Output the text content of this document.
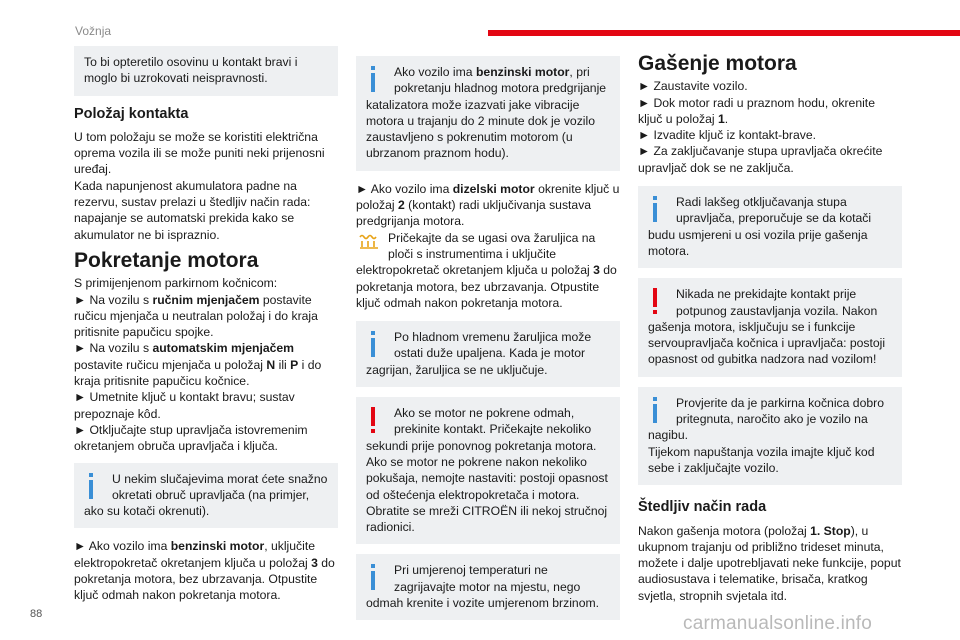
Vožnja

To bi opteretilo osovinu u kontakt bravi i moglo bi uzrokovati neispravnosti.

Položaj kontakta

U tom položaju se može se koristiti električna oprema vozila ili se može puniti neki prijenosni uređaj.
Kada napunjenost akumulatora padne na rezervu, sustav prelazi u štedljiv način rada: napajanje se automatski prekida kako se akumulator ne bi ispraznio.

Pokretanje motora

S primijenjenom parkirnom kočnicom:

► Na vozilu s ručnim mjenjačem postavite ručicu mjenjača u neutralan položaj i do kraja pritisnite papučicu spojke.

► Na vozilu s automatskim mjenjačem postavite ručicu mjenjača u položaj N ili P i do kraja pritisnite papučicu kočnice.

► Umetnite ključ u kontakt bravu; sustav prepoznaje kôd.

► Otključajte stup upravljača istovremenim okretanjem obruča upravljača i ključa.

U nekim slučajevima morat ćete snažno okretati obruč upravljača (na primjer, ako su kotači okrenuti).

► Ako vozilo ima benzinski motor, uključite elektropokretač okretanjem ključa u položaj 3 do pokretanja motora, bez ubrzavanja. Otpustite ključ odmah nakon pokretanja motora.

Ako vozilo ima benzinski motor, pri pokretanju hladnog motora predgrijanje katalizatora može izazvati jake vibracije motora u trajanju do 2 minute dok je vozilo zaustavljeno s pokrenutim motorom (u ubrzanom praznom hodu).

► Ako vozilo ima dizelski motor okrenite ključ u položaj 2 (kontakt) radi uključivanja sustava predgrijanja motora.

Pričekajte da se ugasi ova žaruljica na ploči s instrumentima i uključite elektropokretač okretanjem ključa u položaj 3 do pokretanja motora, bez ubrzavanja. Otpustite ključ odmah nakon pokretanja motora.

Po hladnom vremenu žaruljica može ostati duže upaljena. Kada je motor zagrijan, žaruljica se ne uključuje.

Ako se motor ne pokrene odmah, prekinite kontakt. Pričekajte nekoliko sekundi prije ponovnog pokretanja motora. Ako se motor ne pokrene nakon nekoliko pokušaja, nemojte nastaviti: postoji opasnost od oštećenja elektropokretača i motora. Obratite se mreži CITROËN ili nekoj stručnoj radionici.

Pri umjerenoj temperaturi ne zagrijavajte motor na mjestu, nego odmah krenite i vozite umjerenom brzinom.

Gašenje motora

► Zaustavite vozilo.

► Dok motor radi u praznom hodu, okrenite ključ u položaj 1.

► Izvadite ključ iz kontakt-brave.

► Za zaključavanje stupa upravljača okrećite upravljač dok se ne zaključa.

Radi lakšeg otključavanja stupa upravljača, preporučuje se da kotači budu usmjereni u osi vozila prije gašenja motora.

Nikada ne prekidajte kontakt prije potpunog zaustavljanja vozila. Nakon gašenja motora, isključuju se i funkcije servoupravljača kočnica i upravljača: postoji opasnost od gubitka nadzora nad vozilom!

Provjerite da je parkirna kočnica dobro pritegnuta, naročito ako je vozilo na nagibu.
Tijekom napuštanja vozila imajte ključ kod sebe i zaključajte vozilo.

Štedljiv način rada

Nakon gašenja motora (položaj 1. Stop), u ukupnom trajanju od približno trideset minuta, možete i dalje upotrebljavati neke funkcije, poput audiosustava i telematike, brisača, kratkog svjetla, stropnih svjetala itd.

88	carmanualsonline.info
